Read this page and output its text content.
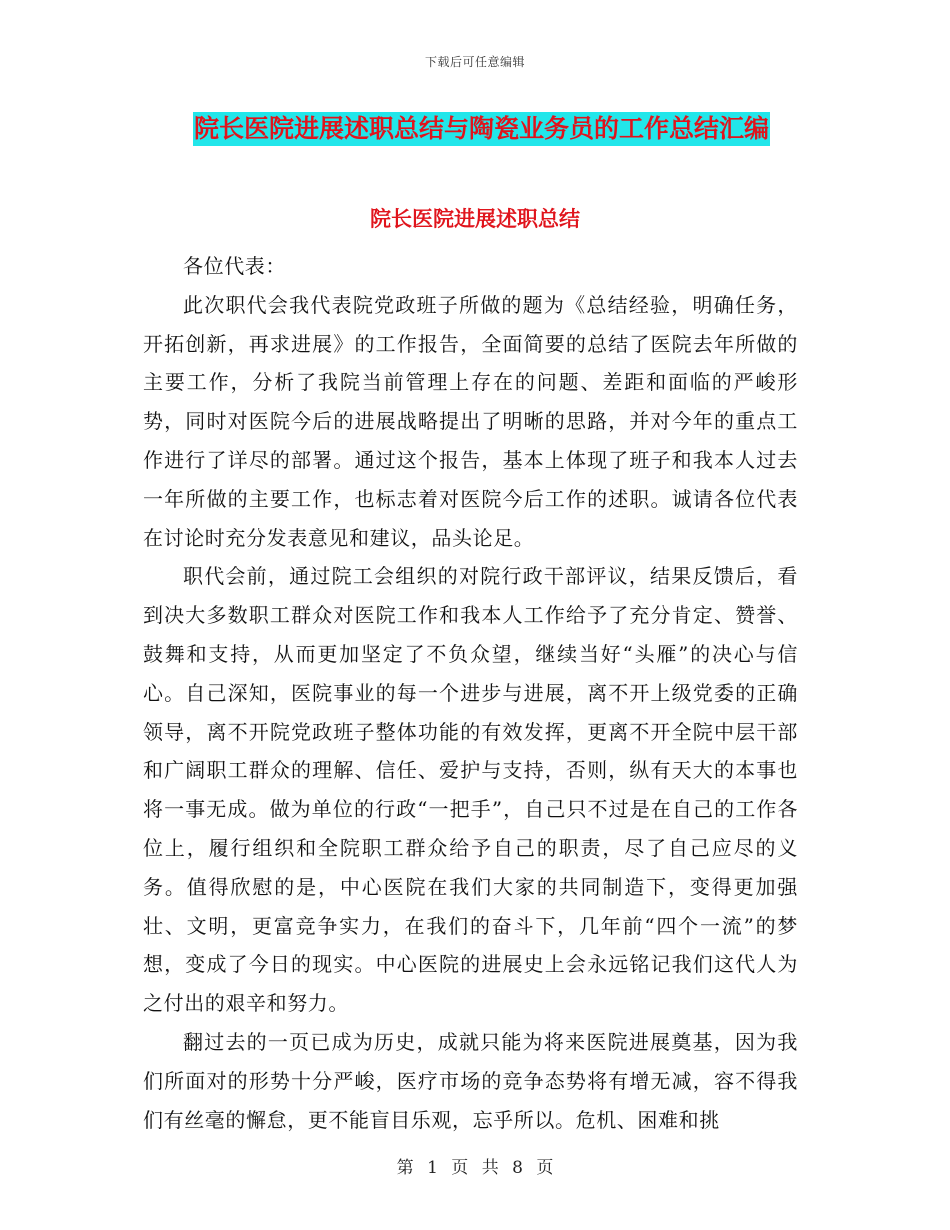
下载后可任意编辑
院长医院进展述职总结与陶瓷业务员的工作总结汇编
院长医院进展述职总结

各位代表：

此次职代会我代表院党政班子所做的题为《总结经验，明确任务，开拓创新，再求进展》的工作报告，全面简要的总结了医院去年所做的主要工作，分析了我院当前管理上存在的问题、差距和面临的严峻形势，同时对医院今后的进展战略提出了明晰的思路，并对今年的重点工作进行了详尽的部署。通过这个报告，基本上体现了班子和我本人过去一年所做的主要工作，也标志着对医院今后工作的述职。诚请各位代表在讨论时充分发表意见和建议，品头论足。

职代会前，通过院工会组织的对院行政干部评议，结果反馈后，看到决大多数职工群众对医院工作和我本人工作给予了充分肯定、赞誉、鼓舞和支持，从而更加坚定了不负众望，继续当好“头雁”的决心与信心。自己深知，医院事业的每一个进步与进展，离不开上级党委的正确领导，离不开院党政班子整体功能的有效发挥，更离不开全院中层干部和广阔职工群众的理解、信任、爱护与支持，否则，纵有天大的本事也将一事无成。做为单位的行政“一把手”，自己只不过是在自己的工作各位上，履行组织和全院职工群众给予自己的职责，尽了自己应尽的义务。值得欣慰的是，中心医院在我们大家的共同制造下，变得更加强壮、文明，更富竞争实力，在我们的奋斗下，几年前“四个一流”的梦想，变成了今日的现实。中心医院的进展史上会永远铭记我们这代人为之付出的艰辛和努力。

翻过去的一页已成为历史，成就只能为将来医院进展奠基，因为我们所面对的形势十分严峻，医疗市场的竞争态势将有增无减，容不得我们有丝毫的懈怠，更不能盲目乐观，忘乎所以。危机、困难和挑

第 1 页 共 8 页
